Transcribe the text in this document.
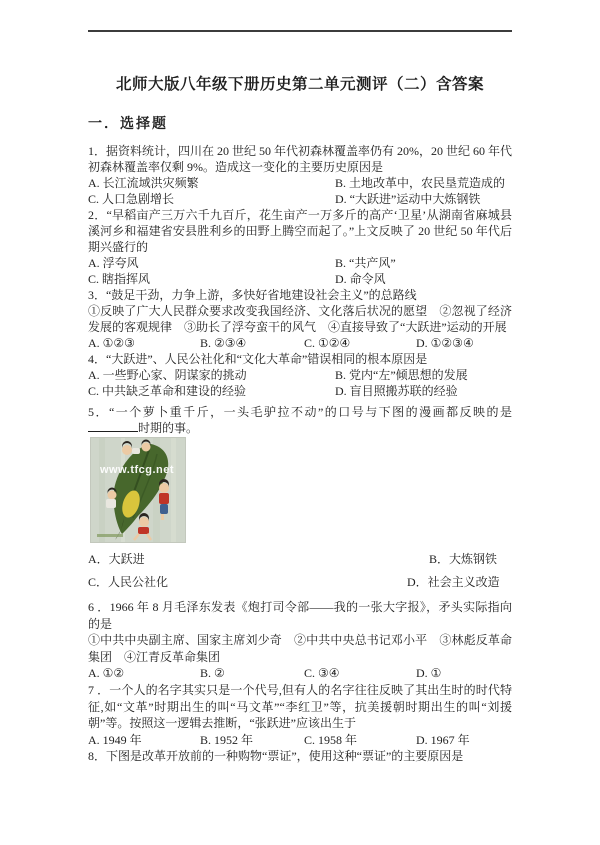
北师大版八年级下册历史第二单元测评（二）含答案
一．选择题

1．据资料统计，四川在 20 世纪 50 年代初森林覆盖率仍有 20%，20 世纪 60 年代初森林覆盖率仅剩 9%。造成这一变化的主要历史原因是

A. 长江流域洪灾频繁	B. 土地改革中，农民垦荒造成的
C. 人口急剧增长	D. “大跃进”运动中大炼钢铁

2．“早稻亩产三万六千九百斤，花生亩产一万多斤的高产‘卫星’从湖南省麻城县溪河乡和福建省安县胜利乡的田野上腾空而起了。”上文反映了 20 世纪 50 年代后期兴盛行的

A. 浮夸风	B. “共产风”
C. 瞎指挥风	D. 命令风

3．“鼓足干劲，力争上游，多快好省地建设社会主义”的总路线

①反映了广大人民群众要求改变我国经济、文化落后状况的愿望　②忽视了经济发展的客观规律　③助长了浮夸蛮干的风气　④直接导致了“大跃进”运动的开展

A. ①②③	B. ②③④	C. ①②④	D. ①②③④

4．“大跃进”、人民公社化和“文化大革命”错误相同的根本原因是

A. 一些野心家、阴谋家的挑动	B. 党内“左”倾思想的发展
C. 中共缺乏革命和建设的经验	D. 盲目照搬苏联的经验

5．“一个萝卜重千斤，一头毛驴拉不动”的口号与下图的漫画都反映的是时期的事。

www.tfcg.net
A．大跃进	B．大炼钢铁
C．人民公社化	D．社会主义改造

6 ．1966 年 8 月毛泽东发表《炮打司令部——我的一张大字报》，矛头实际指向的是

①中共中央副主席、国家主席刘少奇　②中共中央总书记邓小平　③林彪反革命集团　④江青反革命集团

A. ①②	B. ②	C. ③④	D. ①

7 ．一个人的名字其实只是一个代号,但有人的名字往往反映了其出生时的时代特征,如“文革”时期出生的叫“马文革”“李红卫”等，抗美援朝时期出生的叫“刘援朝”等。按照这一逻辑去推断，“张跃进”应该出生于

A. 1949 年	B. 1952 年	C. 1958 年	D. 1967 年

8．下图是改革开放前的一种购物“票证”，使用这种“票证”的主要原因是
